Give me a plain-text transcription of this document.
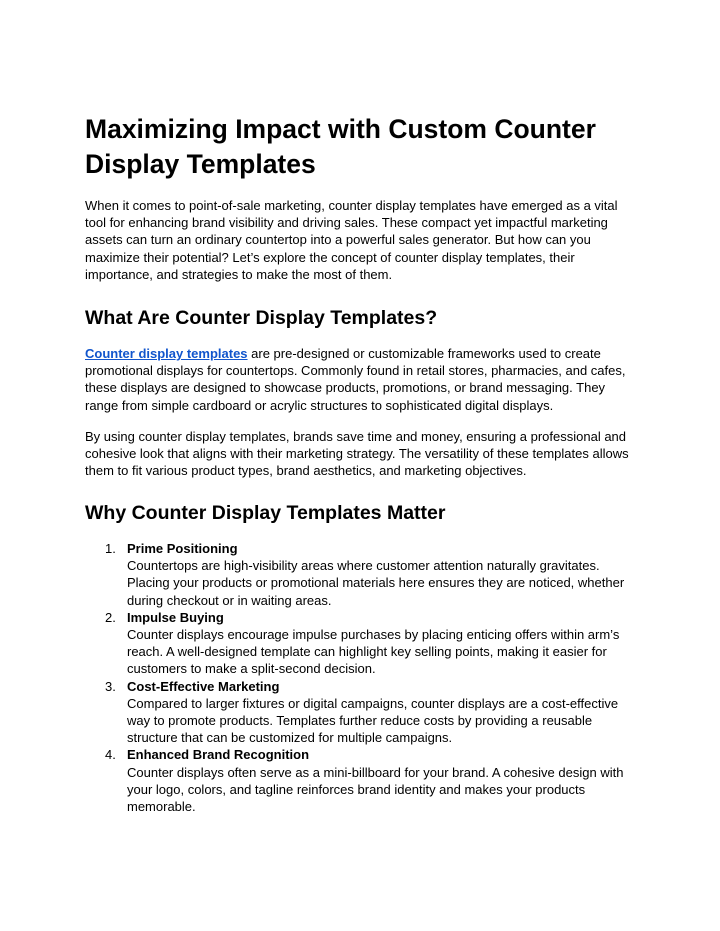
Maximizing Impact with Custom Counter Display Templates

When it comes to point-of-sale marketing, counter display templates have emerged as a vital tool for enhancing brand visibility and driving sales. These compact yet impactful marketing assets can turn an ordinary countertop into a powerful sales generator. But how can you maximize their potential? Let’s explore the concept of counter display templates, their importance, and strategies to make the most of them.

What Are Counter Display Templates?

Counter display templates are pre-designed or customizable frameworks used to create promotional displays for countertops. Commonly found in retail stores, pharmacies, and cafes, these displays are designed to showcase products, promotions, or brand messaging. They range from simple cardboard or acrylic structures to sophisticated digital displays.

By using counter display templates, brands save time and money, ensuring a professional and cohesive look that aligns with their marketing strategy. The versatility of these templates allows them to fit various product types, brand aesthetics, and marketing objectives.

Why Counter Display Templates Matter
1. Prime Positioning
Countertops are high-visibility areas where customer attention naturally gravitates. Placing your products or promotional materials here ensures they are noticed, whether during checkout or in waiting areas.
2. Impulse Buying
Counter displays encourage impulse purchases by placing enticing offers within arm’s reach. A well-designed template can highlight key selling points, making it easier for customers to make a split-second decision.
3. Cost-Effective Marketing
Compared to larger fixtures or digital campaigns, counter displays are a cost-effective way to promote products. Templates further reduce costs by providing a reusable structure that can be customized for multiple campaigns.
4. Enhanced Brand Recognition
Counter displays often serve as a mini-billboard for your brand. A cohesive design with your logo, colors, and tagline reinforces brand identity and makes your products memorable.
